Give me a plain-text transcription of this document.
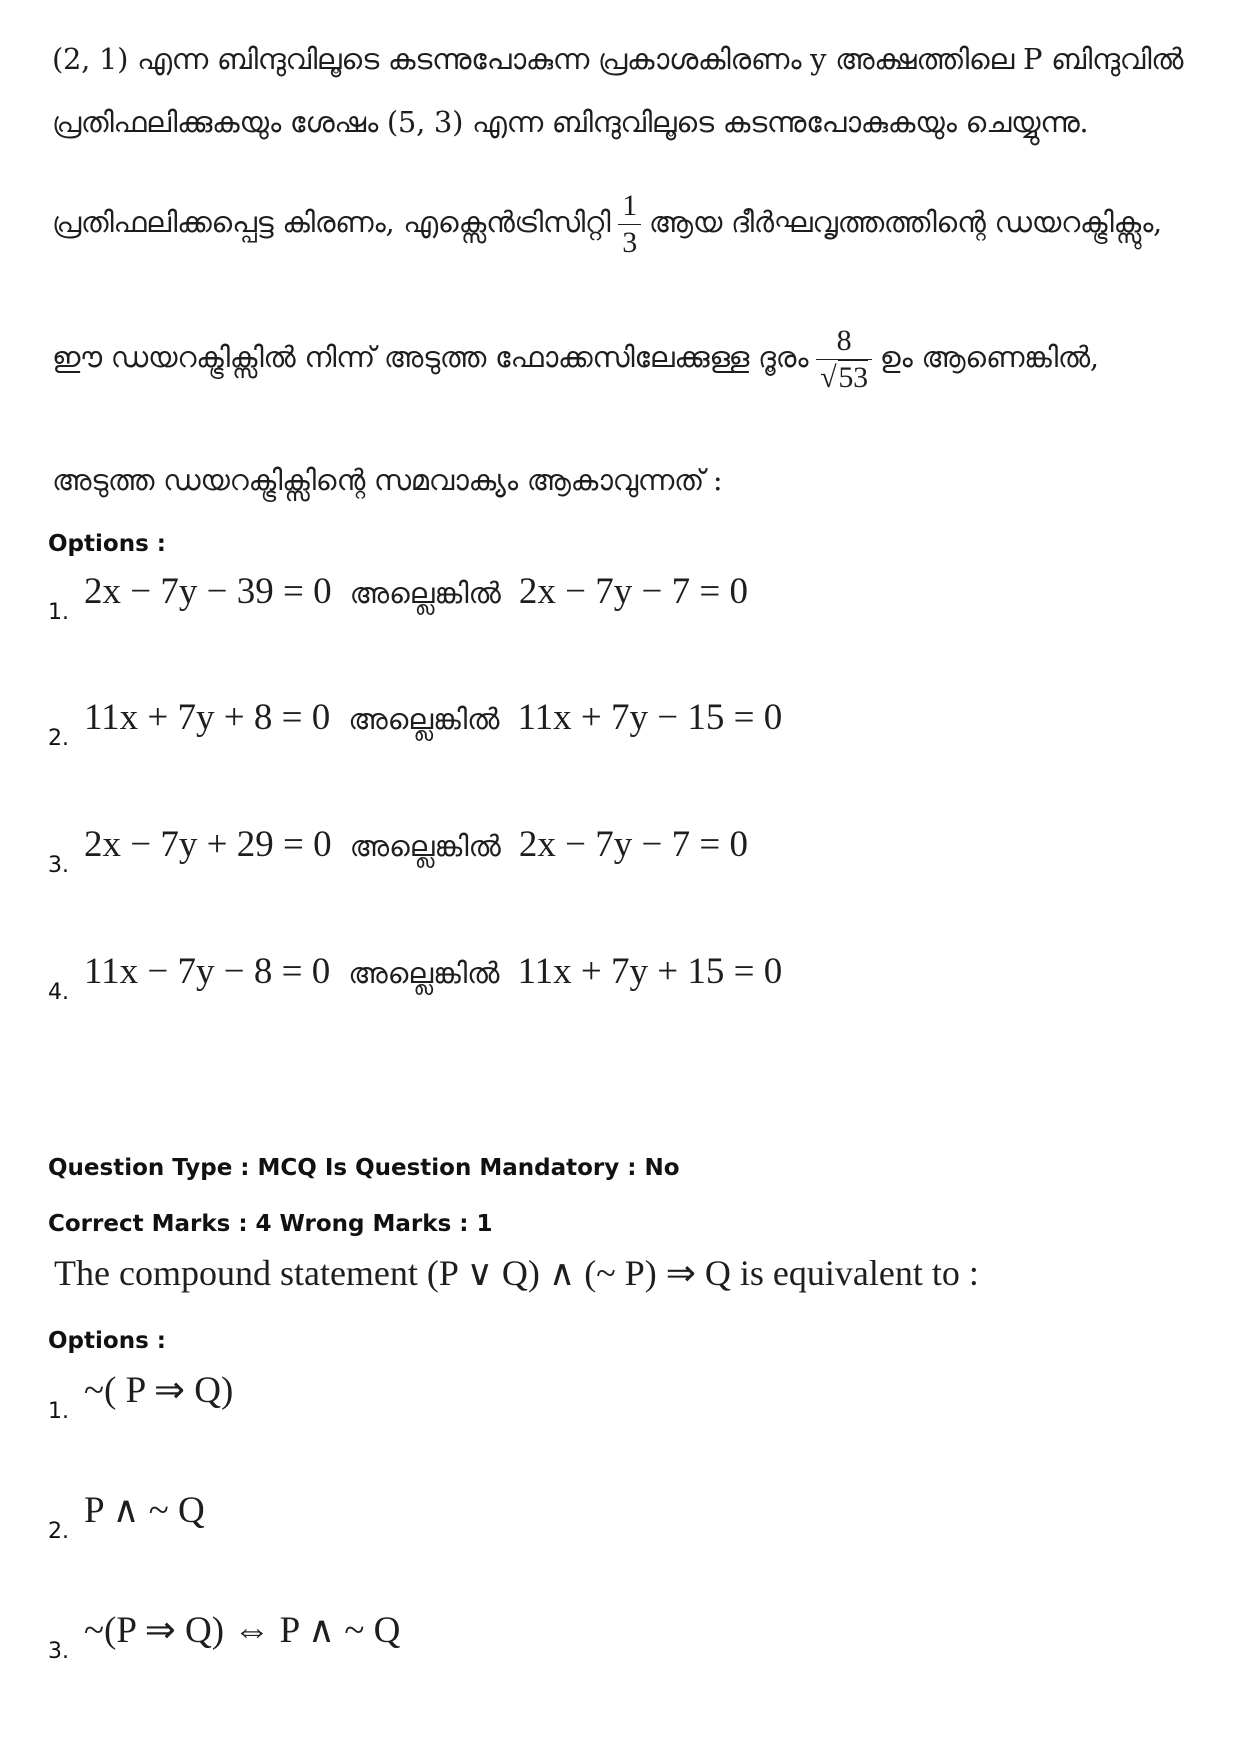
(2, 1) എന്ന ബിന്ദുവിലൂടെ കടന്നുപോകുന്ന പ്രകാശകിരണം y അക്ഷത്തിലെ P ബിന്ദുവിൽ
പ്രതിഫലിക്കുകയും ശേഷം (5, 3) എന്ന ബിന്ദുവിലൂടെ കടന്നുപോകുകയും ചെയ്യുന്നു.
പ്രതിഫലിക്കപ്പെട്ട കിരണം, എക്സെൻട്രിസിറ്റി $\frac{1}{3}$ ആയ ദീർഘവൃത്തത്തിന്റെ ഡയറക്ട്രിക്സും,
ഈ ഡയറക്ട്രിക്സിൽ നിന്ന് അടുത്ത ഫോക്കസിലേക്കുള്ള ദൂരം $\frac{8}{√53}$ ഉം ആണെങ്കിൽ,
അടുത്ത ഡയറക്ട്രിക്സിന്റെ സമവാക്യം ആകാവുന്നത് :
Options :
1.
2x − 7y − 39 = 0 അല്ലെങ്കിൽ 2x − 7y − 7 = 0
2.
11x + 7y + 8 = 0 അല്ലെങ്കിൽ 11x + 7y − 15 = 0
3.
2x − 7y + 29 = 0 അല്ലെങ്കിൽ 2x − 7y − 7 = 0
4.
11x − 7y − 8 = 0 അല്ലെങ്കിൽ 11x + 7y + 15 = 0
Question Type : MCQ Is Question Mandatory : No
Correct Marks : 4 Wrong Marks : 1
The compound statement (P ∨ Q) ∧ (~ P) ⇒ Q is equivalent to :
Options :
1.
~( P ⇒ Q)
2.
P ∧ ~ Q
3.
~(P ⇒ Q) ⇔ P ∧ ~ Q
